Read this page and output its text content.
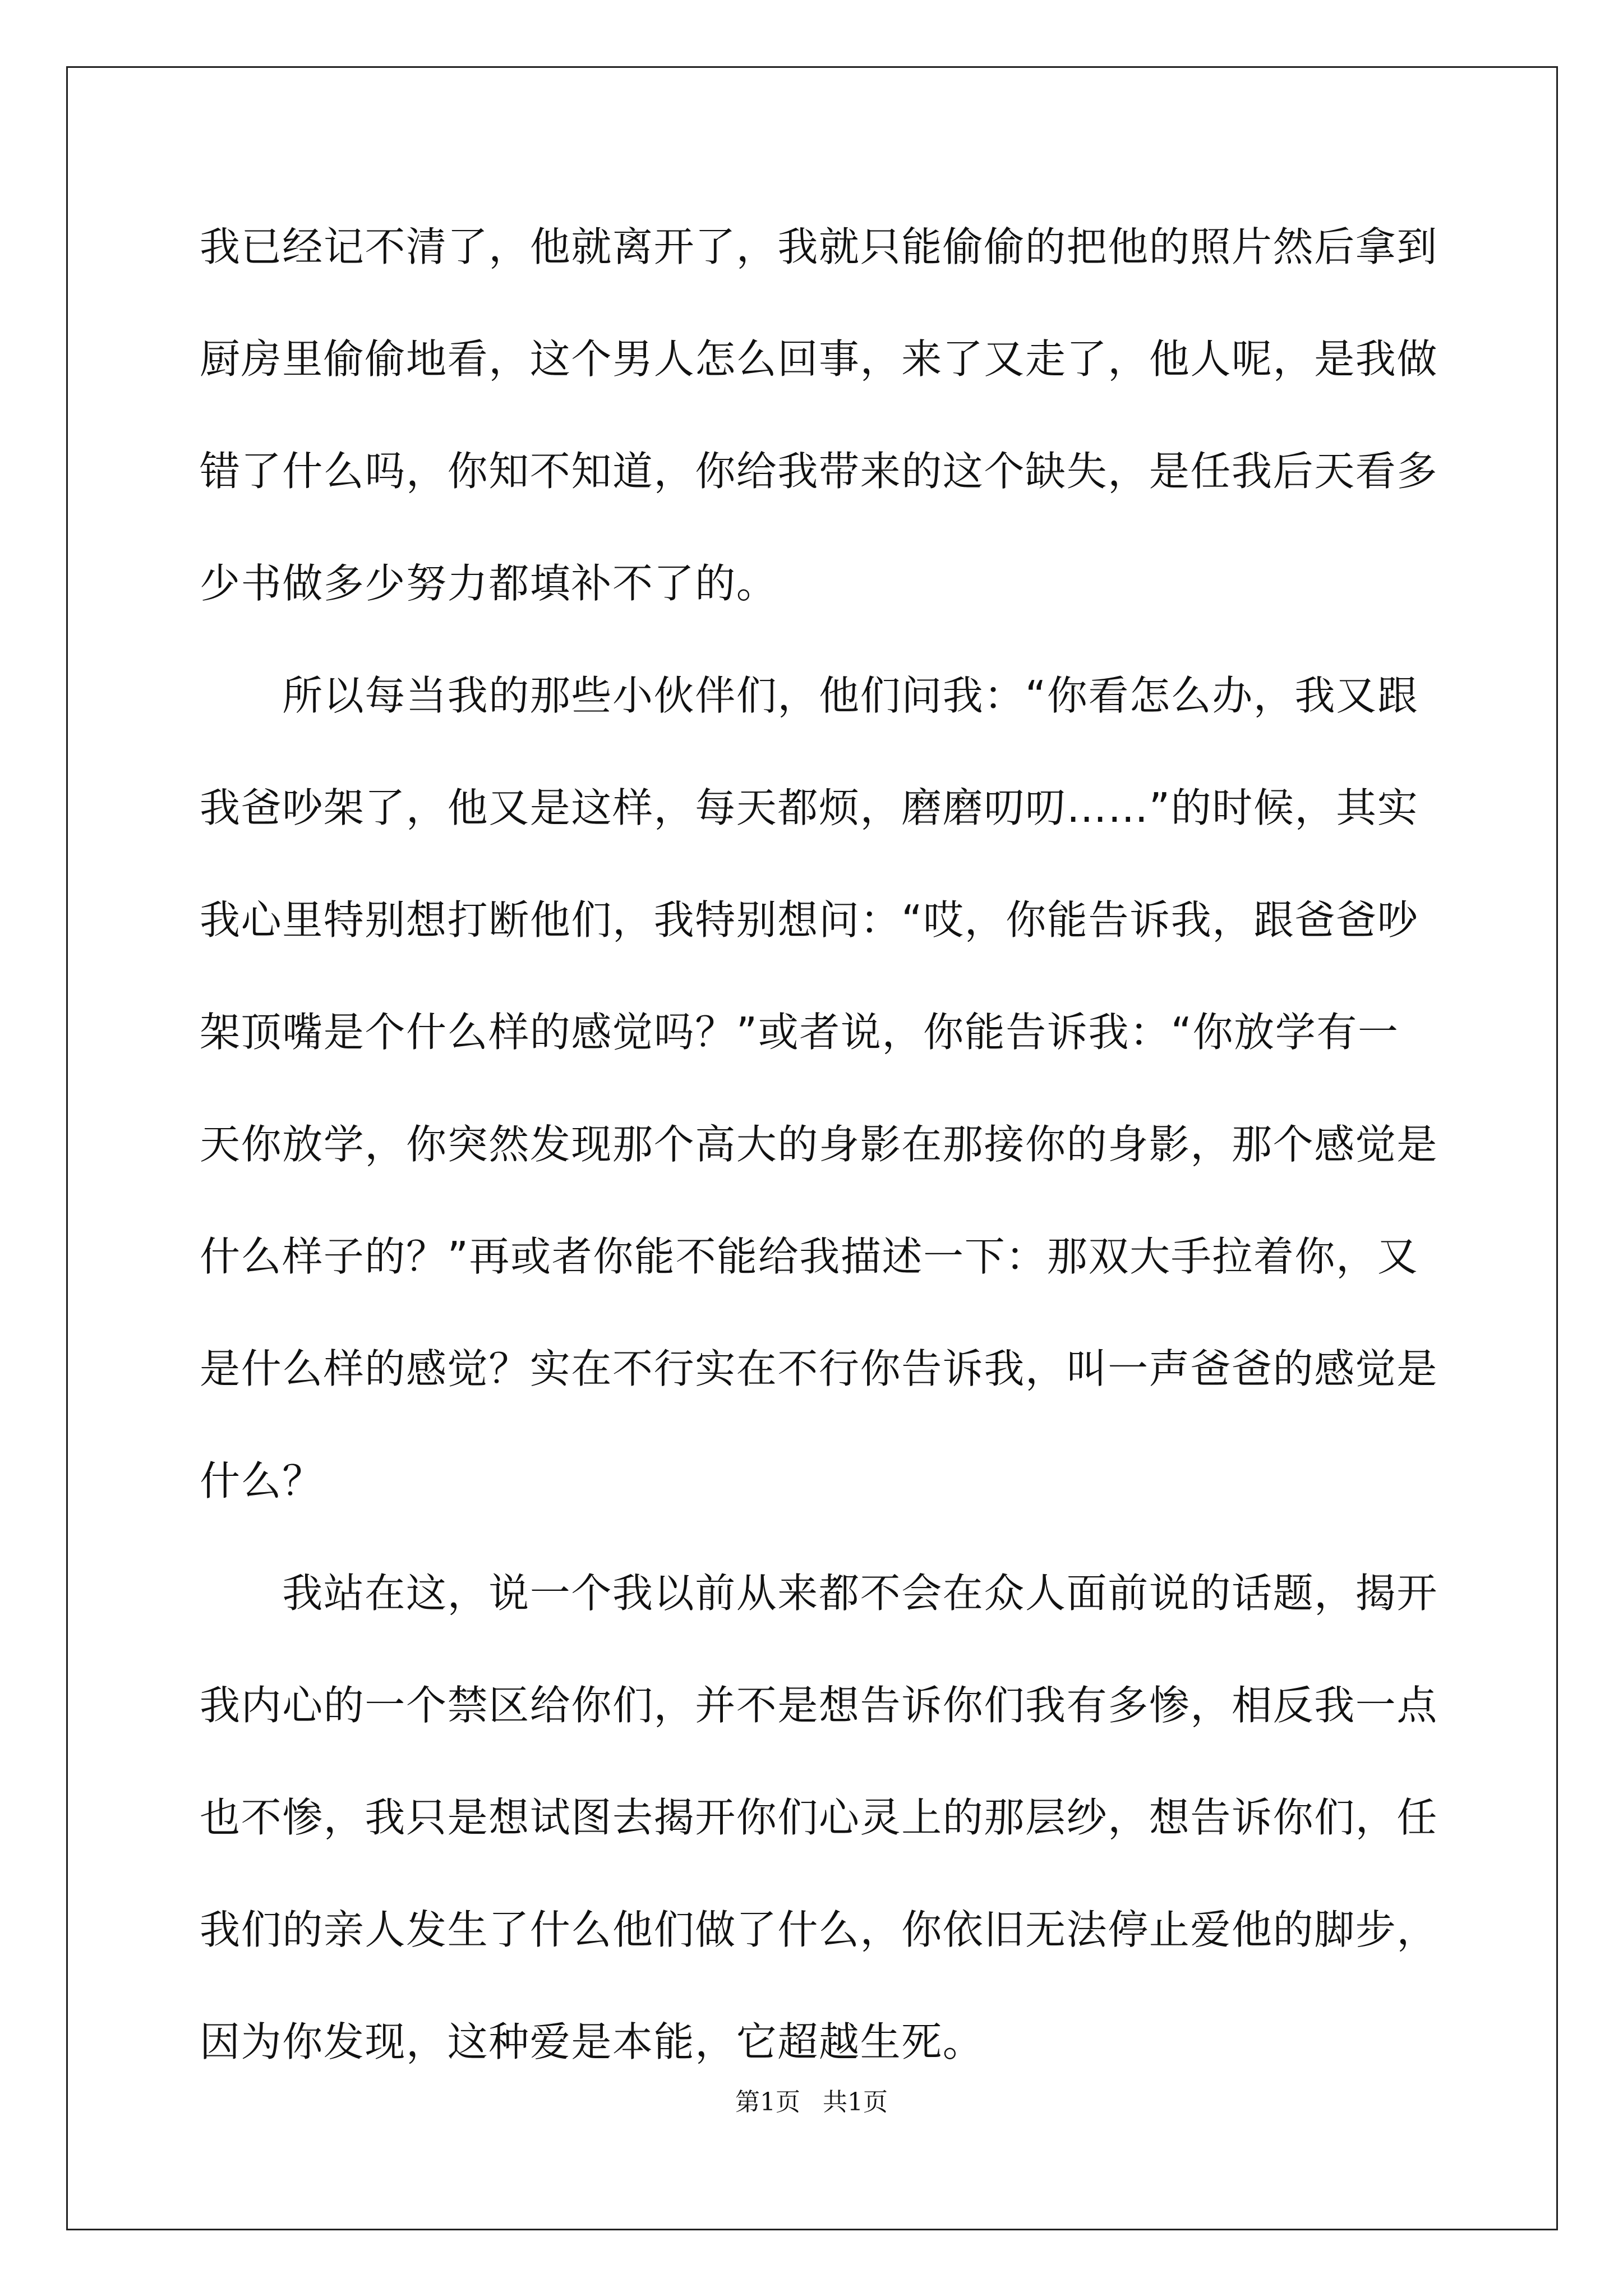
我已经记不清了，他就离开了，我就只能偷偷的把他的照片然后拿到

厨房里偷偷地看，这个男人怎么回事，来了又走了，他人呢，是我做

错了什么吗，你知不知道，你给我带来的这个缺失，是任我后天看多

少书做多少努力都填补不了的。

　　所以每当我的那些小伙伴们，他们问我：“你看怎么办，我又跟

我爸吵架了，他又是这样，每天都烦，磨磨叨叨……”的时候，其实

我心里特别想打断他们，我特别想问：“哎，你能告诉我，跟爸爸吵

架顶嘴是个什么样的感觉吗？”或者说，你能告诉我：“你放学有一

天你放学，你突然发现那个高大的身影在那接你的身影，那个感觉是

什么样子的？”再或者你能不能给我描述一下：那双大手拉着你，又

是什么样的感觉？实在不行实在不行你告诉我，叫一声爸爸的感觉是

什么？

　　我站在这，说一个我以前从来都不会在众人面前说的话题，揭开

我内心的一个禁区给你们，并不是想告诉你们我有多惨，相反我一点

也不惨，我只是想试图去揭开你们心灵上的那层纱，想告诉你们，任

我们的亲人发生了什么他们做了什么，你依旧无法停止爱他的脚步，

因为你发现，这种爱是本能，它超越生死。

第1页 共1页
